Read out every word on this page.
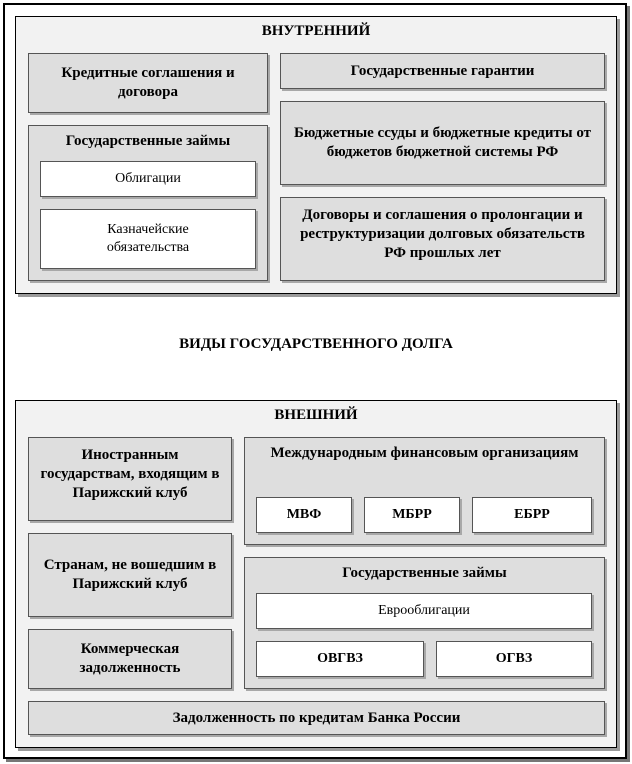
ВНУТРЕННИЙ
Кредитные соглашения и договора
Государственные гарантии
Государственные займы
Облигации
Казначейские обязательства
Бюджетные ссуды и бюджетные кредиты от бюджетов бюджетной системы РФ
Договоры и соглашения о пролонгации и реструктуризации долговых обязательств РФ прошлых лет
ВИДЫ ГОСУДАРСТВЕННОГО ДОЛГА
ВНЕШНИЙ
Иностранным государствам, входящим в Парижский клуб
Странам, не вошедшим в Парижский клуб
Коммерческая задолженность
Международным финансовым организациям
МВФ	МБРР	ЕБРР
Государственные займы
Еврооблигации
ОВГВЗ	ОГВЗ
Задолженность по кредитам Банка России
